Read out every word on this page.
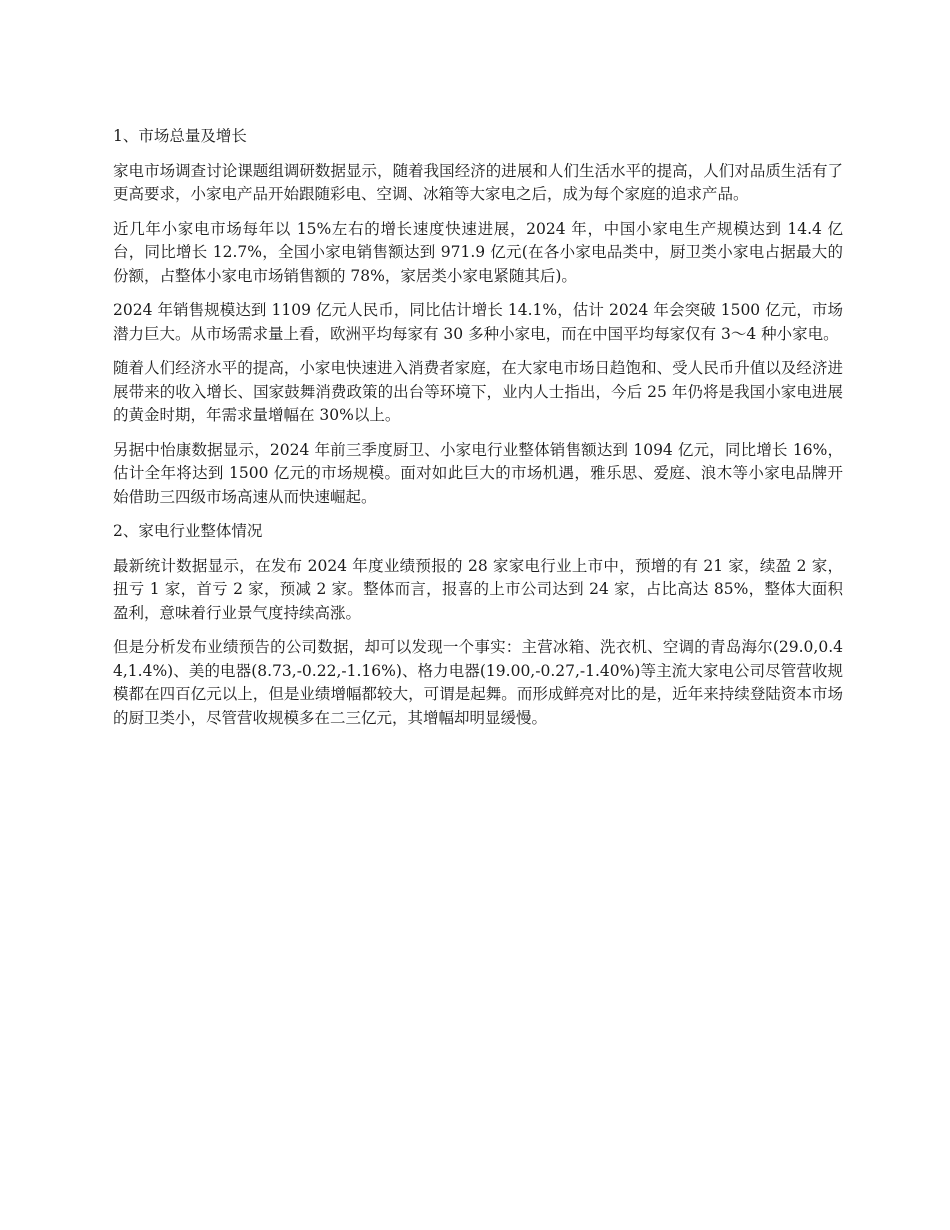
1、市场总量及增长

家电市场调查讨论课题组调研数据显示，随着我国经济的进展和人们生活水平的提高，人们对品质生活有了更高要求，小家电产品开始跟随彩电、空调、冰箱等大家电之后，成为每个家庭的追求产品。

近几年小家电市场每年以 15%左右的增长速度快速进展，2024 年，中国小家电生产规模达到 14.4 亿台，同比增长 12.7%，全国小家电销售额达到 971.9 亿元(在各小家电品类中，厨卫类小家电占据最大的份额，占整体小家电市场销售额的 78%，家居类小家电紧随其后)。

2024 年销售规模达到 1109 亿元人民币，同比估计增长 14.1%，估计 2024 年会突破 1500 亿元，市场潜力巨大。从市场需求量上看，欧洲平均每家有 30 多种小家电，而在中国平均每家仅有 3～4 种小家电。

随着人们经济水平的提高，小家电快速进入消费者家庭，在大家电市场日趋饱和、受人民币升值以及经济进展带来的收入增长、国家鼓舞消费政策的出台等环境下，业内人士指出，今后 25 年仍将是我国小家电进展的黄金时期，年需求量增幅在 30%以上。

另据中怡康数据显示，2024 年前三季度厨卫、小家电行业整体销售额达到 1094 亿元，同比增长 16%，估计全年将达到 1500 亿元的市场规模。面对如此巨大的市场机遇，雅乐思、爱庭、浪木等小家电品牌开始借助三四级市场高速从而快速崛起。

2、家电行业整体情况

最新统计数据显示，在发布 2024 年度业绩预报的 28 家家电行业上市中，预增的有 21 家，续盈 2 家，扭亏 1 家，首亏 2 家，预减 2 家。整体而言，报喜的上市公司达到 24 家，占比高达 85%，整体大面积盈利，意味着行业景气度持续高涨。

但是分析发布业绩预告的公司数据，却可以发现一个事实：主营冰箱、洗衣机、空调的青岛海尔(29.0,0.44,1.4%)、美的电器(8.73,-0.22,-1.16%)、格力电器(19.00,-0.27,-1.40%)等主流大家电公司尽管营收规模都在四百亿元以上，但是业绩增幅都较大，可谓是起舞。而形成鲜亮对比的是，近年来持续登陆资本市场的厨卫类小，尽管营收规模多在二三亿元，其增幅却明显缓慢。
